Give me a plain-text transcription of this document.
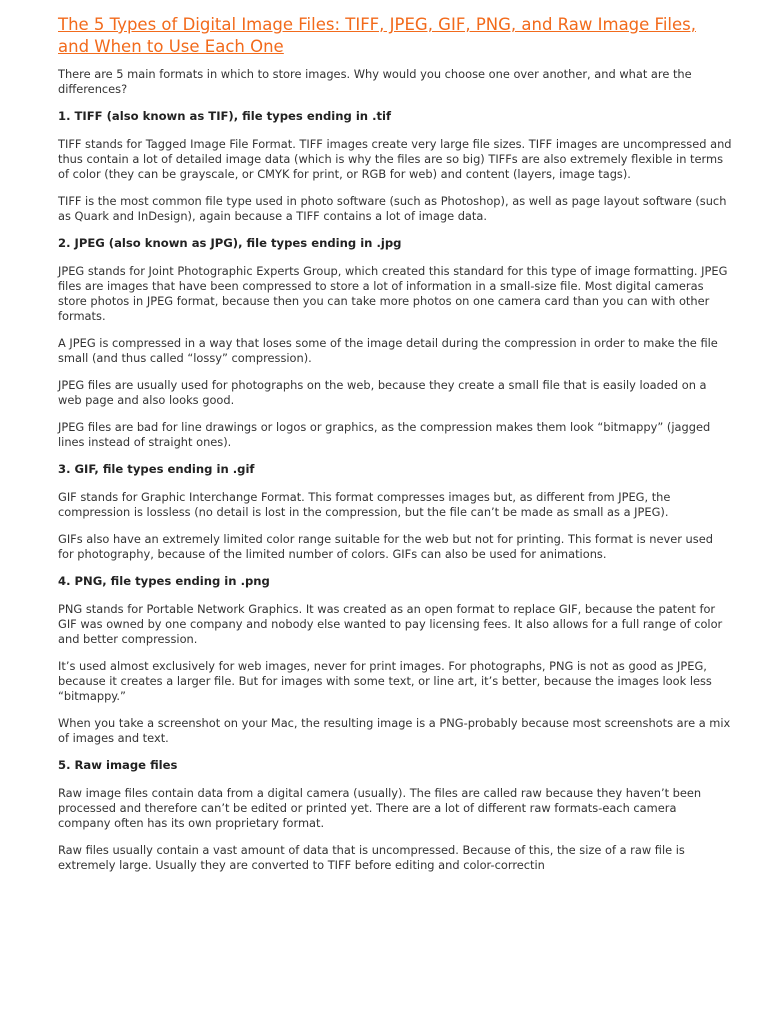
The 5 Types of Digital Image Files: TIFF, JPEG, GIF, PNG, and Raw Image Files, and When to Use Each One

There are 5 main formats in which to store images. Why would you choose one over another, and what are the differences?

1. TIFF (also known as TIF), file types ending in .tif

TIFF stands for Tagged Image File Format. TIFF images create very large file sizes. TIFF images are uncompressed and thus contain a lot of detailed image data (which is why the files are so big) TIFFs are also extremely flexible in terms of color (they can be grayscale, or CMYK for print, or RGB for web) and content (layers, image tags).

TIFF is the most common file type used in photo software (such as Photoshop), as well as page layout software (such as Quark and InDesign), again because a TIFF contains a lot of image data.

2. JPEG (also known as JPG), file types ending in .jpg

JPEG stands for Joint Photographic Experts Group, which created this standard for this type of image formatting. JPEG files are images that have been compressed to store a lot of information in a small-size file. Most digital cameras store photos in JPEG format, because then you can take more photos on one camera card than you can with other formats.

A JPEG is compressed in a way that loses some of the image detail during the compression in order to make the file small (and thus called “lossy” compression).

JPEG files are usually used for photographs on the web, because they create a small file that is easily loaded on a web page and also looks good.

JPEG files are bad for line drawings or logos or graphics, as the compression makes them look “bitmappy” (jagged lines instead of straight ones).

3. GIF, file types ending in .gif

GIF stands for Graphic Interchange Format. This format compresses images but, as different from JPEG, the compression is lossless (no detail is lost in the compression, but the file can’t be made as small as a JPEG).

GIFs also have an extremely limited color range suitable for the web but not for printing. This format is never used for photography, because of the limited number of colors. GIFs can also be used for animations.

4. PNG, file types ending in .png

PNG stands for Portable Network Graphics. It was created as an open format to replace GIF, because the patent for GIF was owned by one company and nobody else wanted to pay licensing fees. It also allows for a full range of color and better compression.

It’s used almost exclusively for web images, never for print images. For photographs, PNG is not as good as JPEG, because it creates a larger file. But for images with some text, or line art, it’s better, because the images look less “bitmappy.”

When you take a screenshot on your Mac, the resulting image is a PNG-probably because most screenshots are a mix of images and text.

5. Raw image files

Raw image files contain data from a digital camera (usually). The files are called raw because they haven’t been processed and therefore can’t be edited or printed yet. There are a lot of different raw formats-each camera company often has its own proprietary format.

Raw files usually contain a vast amount of data that is uncompressed. Because of this, the size of a raw file is extremely large. Usually they are converted to TIFF before editing and color-correctin
